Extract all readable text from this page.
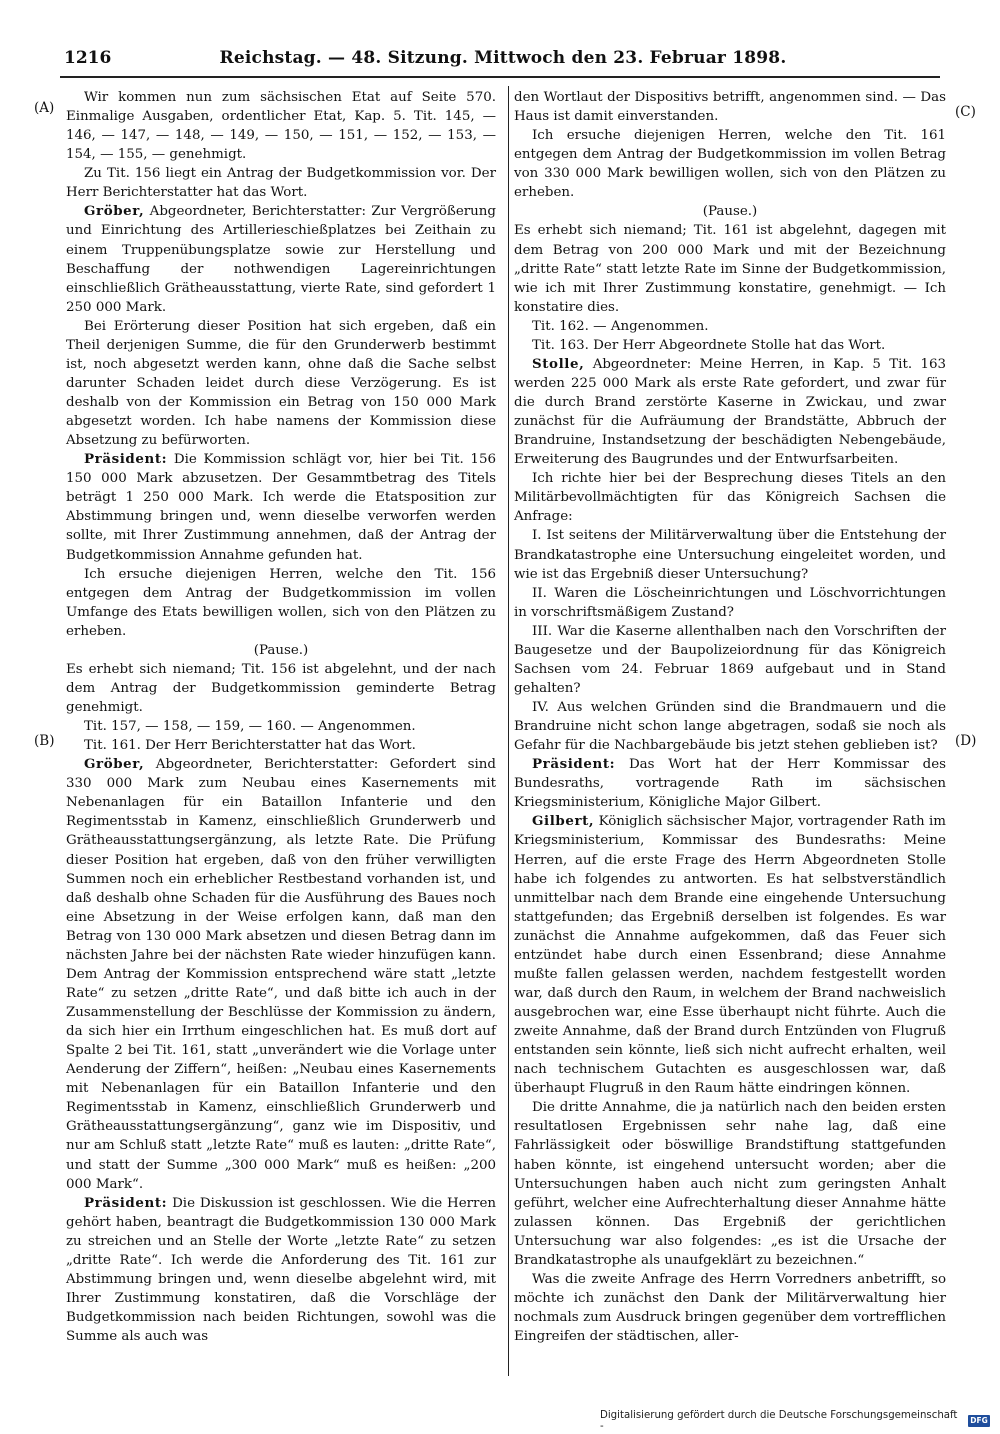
1216	Reichstag. — 48. Sitzung. Mittwoch den 23. Februar 1898.
(A)
(B)
(C)
(D)

Wir kommen nun zum sächsischen Etat auf Seite 570. Einmalige Ausgaben, ordentlicher Etat, Kap. 5. Tit. 145, — 146, — 147, — 148, — 149, — 150, — 151, — 152, — 153, — 154, — 155, — genehmigt.

Zu Tit. 156 liegt ein Antrag der Budgetkommission vor. Der Herr Berichterstatter hat das Wort.

Gröber, Abgeordneter, Berichterstatter: Zur Vergrößerung und Einrichtung des Artillerieschießplatzes bei Zeithain zu einem Truppenübungsplatze sowie zur Herstellung und Beschaffung der nothwendigen Lagereinrichtungen einschließlich Grätheausstattung, vierte Rate, sind gefordert 1 250 000 Mark.

Bei Erörterung dieser Position hat sich ergeben, daß ein Theil derjenigen Summe, die für den Grunderwerb bestimmt ist, noch abgesetzt werden kann, ohne daß die Sache selbst darunter Schaden leidet durch diese Verzögerung. Es ist deshalb von der Kommission ein Betrag von 150 000 Mark abgesetzt worden. Ich habe namens der Kommission diese Absetzung zu befürworten.

Präsident: Die Kommission schlägt vor, hier bei Tit. 156 150 000 Mark abzusetzen. Der Gesammtbetrag des Titels beträgt 1 250 000 Mark. Ich werde die Etatsposition zur Abstimmung bringen und, wenn dieselbe verworfen werden sollte, mit Ihrer Zustimmung annehmen, daß der Antrag der Budgetkommission Annahme gefunden hat.

Ich ersuche diejenigen Herren, welche den Tit. 156 entgegen dem Antrag der Budgetkommission im vollen Umfange des Etats bewilligen wollen, sich von den Plätzen zu erheben.

(Pause.)

Es erhebt sich niemand; Tit. 156 ist abgelehnt, und der nach dem Antrag der Budgetkommission geminderte Betrag genehmigt.

Tit. 157, — 158, — 159, — 160. — Angenommen.

Tit. 161. Der Herr Berichterstatter hat das Wort.

Gröber, Abgeordneter, Berichterstatter: Gefordert sind 330 000 Mark zum Neubau eines Kasernements mit Nebenanlagen für ein Bataillon Infanterie und den Regimentsstab in Kamenz, einschließlich Grunderwerb und Grätheausstattungsergänzung, als letzte Rate. Die Prüfung dieser Position hat ergeben, daß von den früher verwilligten Summen noch ein erheblicher Restbestand vorhanden ist, und daß deshalb ohne Schaden für die Ausführung des Baues noch eine Absetzung in der Weise erfolgen kann, daß man den Betrag von 130 000 Mark absetzen und diesen Betrag dann im nächsten Jahre bei der nächsten Rate wieder hinzufügen kann. Dem Antrag der Kommission entsprechend wäre statt „letzte Rate“ zu setzen „dritte Rate“, und daß bitte ich auch in der Zusammenstellung der Beschlüsse der Kommission zu ändern, da sich hier ein Irrthum eingeschlichen hat. Es muß dort auf Spalte 2 bei Tit. 161, statt „unverändert wie die Vorlage unter Aenderung der Ziffern“, heißen: „Neubau eines Kasernements mit Nebenanlagen für ein Bataillon Infanterie und den Regimentsstab in Kamenz, einschließlich Grunderwerb und Grätheausstattungsergänzung“, ganz wie im Dispositiv, und nur am Schluß statt „letzte Rate“ muß es lauten: „dritte Rate“, und statt der Summe „300 000 Mark“ muß es heißen: „200 000 Mark“.

Präsident: Die Diskussion ist geschlossen. Wie die Herren gehört haben, beantragt die Budgetkommission 130 000 Mark zu streichen und an Stelle der Worte „letzte Rate“ zu setzen „dritte Rate“. Ich werde die Anforderung des Tit. 161 zur Abstimmung bringen und, wenn dieselbe abgelehnt wird, mit Ihrer Zustimmung konstatiren, daß die Vorschläge der Budgetkommission nach beiden Richtungen, sowohl was die Summe als auch was

den Wortlaut der Dispositivs betrifft, angenommen sind. — Das Haus ist damit einverstanden.

Ich ersuche diejenigen Herren, welche den Tit. 161 entgegen dem Antrag der Budgetkommission im vollen Betrag von 330 000 Mark bewilligen wollen, sich von den Plätzen zu erheben.

(Pause.)

Es erhebt sich niemand; Tit. 161 ist abgelehnt, dagegen mit dem Betrag von 200 000 Mark und mit der Bezeichnung „dritte Rate“ statt letzte Rate im Sinne der Budgetkommission, wie ich mit Ihrer Zustimmung konstatire, genehmigt. — Ich konstatire dies.

Tit. 162. — Angenommen.

Tit. 163. Der Herr Abgeordnete Stolle hat das Wort.

Stolle, Abgeordneter: Meine Herren, in Kap. 5 Tit. 163 werden 225 000 Mark als erste Rate gefordert, und zwar für die durch Brand zerstörte Kaserne in Zwickau, und zwar zunächst für die Aufräumung der Brandstätte, Abbruch der Brandruine, Instandsetzung der beschädigten Nebengebäude, Erweiterung des Baugrundes und der Entwurfsarbeiten.

Ich richte hier bei der Besprechung dieses Titels an den Militärbevollmächtigten für das Königreich Sachsen die Anfrage:

I. Ist seitens der Militärverwaltung über die Entstehung der Brandkatastrophe eine Untersuchung eingeleitet worden, und wie ist das Ergebniß dieser Untersuchung?

II. Waren die Löscheinrichtungen und Löschvorrichtungen in vorschriftsmäßigem Zustand?

III. War die Kaserne allenthalben nach den Vorschriften der Baugesetze und der Baupolizeiordnung für das Königreich Sachsen vom 24. Februar 1869 aufgebaut und in Stand gehalten?

IV. Aus welchen Gründen sind die Brandmauern und die Brandruine nicht schon lange abgetragen, sodaß sie noch als Gefahr für die Nachbargebäude bis jetzt stehen geblieben ist?

Präsident: Das Wort hat der Herr Kommissar des Bundesraths, vortragende Rath im sächsischen Kriegsministerium, Königliche Major Gilbert.

Gilbert, Königlich sächsischer Major, vortragender Rath im Kriegsministerium, Kommissar des Bundesraths: Meine Herren, auf die erste Frage des Herrn Abgeordneten Stolle habe ich folgendes zu antworten. Es hat selbstverständlich unmittelbar nach dem Brande eine eingehende Untersuchung stattgefunden; das Ergebniß derselben ist folgendes. Es war zunächst die Annahme aufgekommen, daß das Feuer sich entzündet habe durch einen Essenbrand; diese Annahme mußte fallen gelassen werden, nachdem festgestellt worden war, daß durch den Raum, in welchem der Brand nachweislich ausgebrochen war, eine Esse überhaupt nicht führte. Auch die zweite Annahme, daß der Brand durch Entzünden von Flugruß entstanden sein könnte, ließ sich nicht aufrecht erhalten, weil nach technischem Gutachten es ausgeschlossen war, daß überhaupt Flugruß in den Raum hätte eindringen können.

Die dritte Annahme, die ja natürlich nach den beiden ersten resultatlosen Ergebnissen sehr nahe lag, daß eine Fahrlässigkeit oder böswillige Brandstiftung stattgefunden haben könnte, ist eingehend untersucht worden; aber die Untersuchungen haben auch nicht zum geringsten Anhalt geführt, welcher eine Aufrechterhaltung dieser Annahme hätte zulassen können. Das Ergebniß der gerichtlichen Untersuchung war also folgendes: „es ist die Ursache der Brandkatastrophe als unaufgeklärt zu bezeichnen.“

Was die zweite Anfrage des Herrn Vorredners anbetrifft, so möchte ich zunächst den Dank der Militärverwaltung hier nochmals zum Ausdruck bringen gegenüber dem vortrefflichen Eingreifen der städtischen, aller-

Digitalisierung gefördert durch die Deutsche Forschungsgemeinschaft -
DFG
